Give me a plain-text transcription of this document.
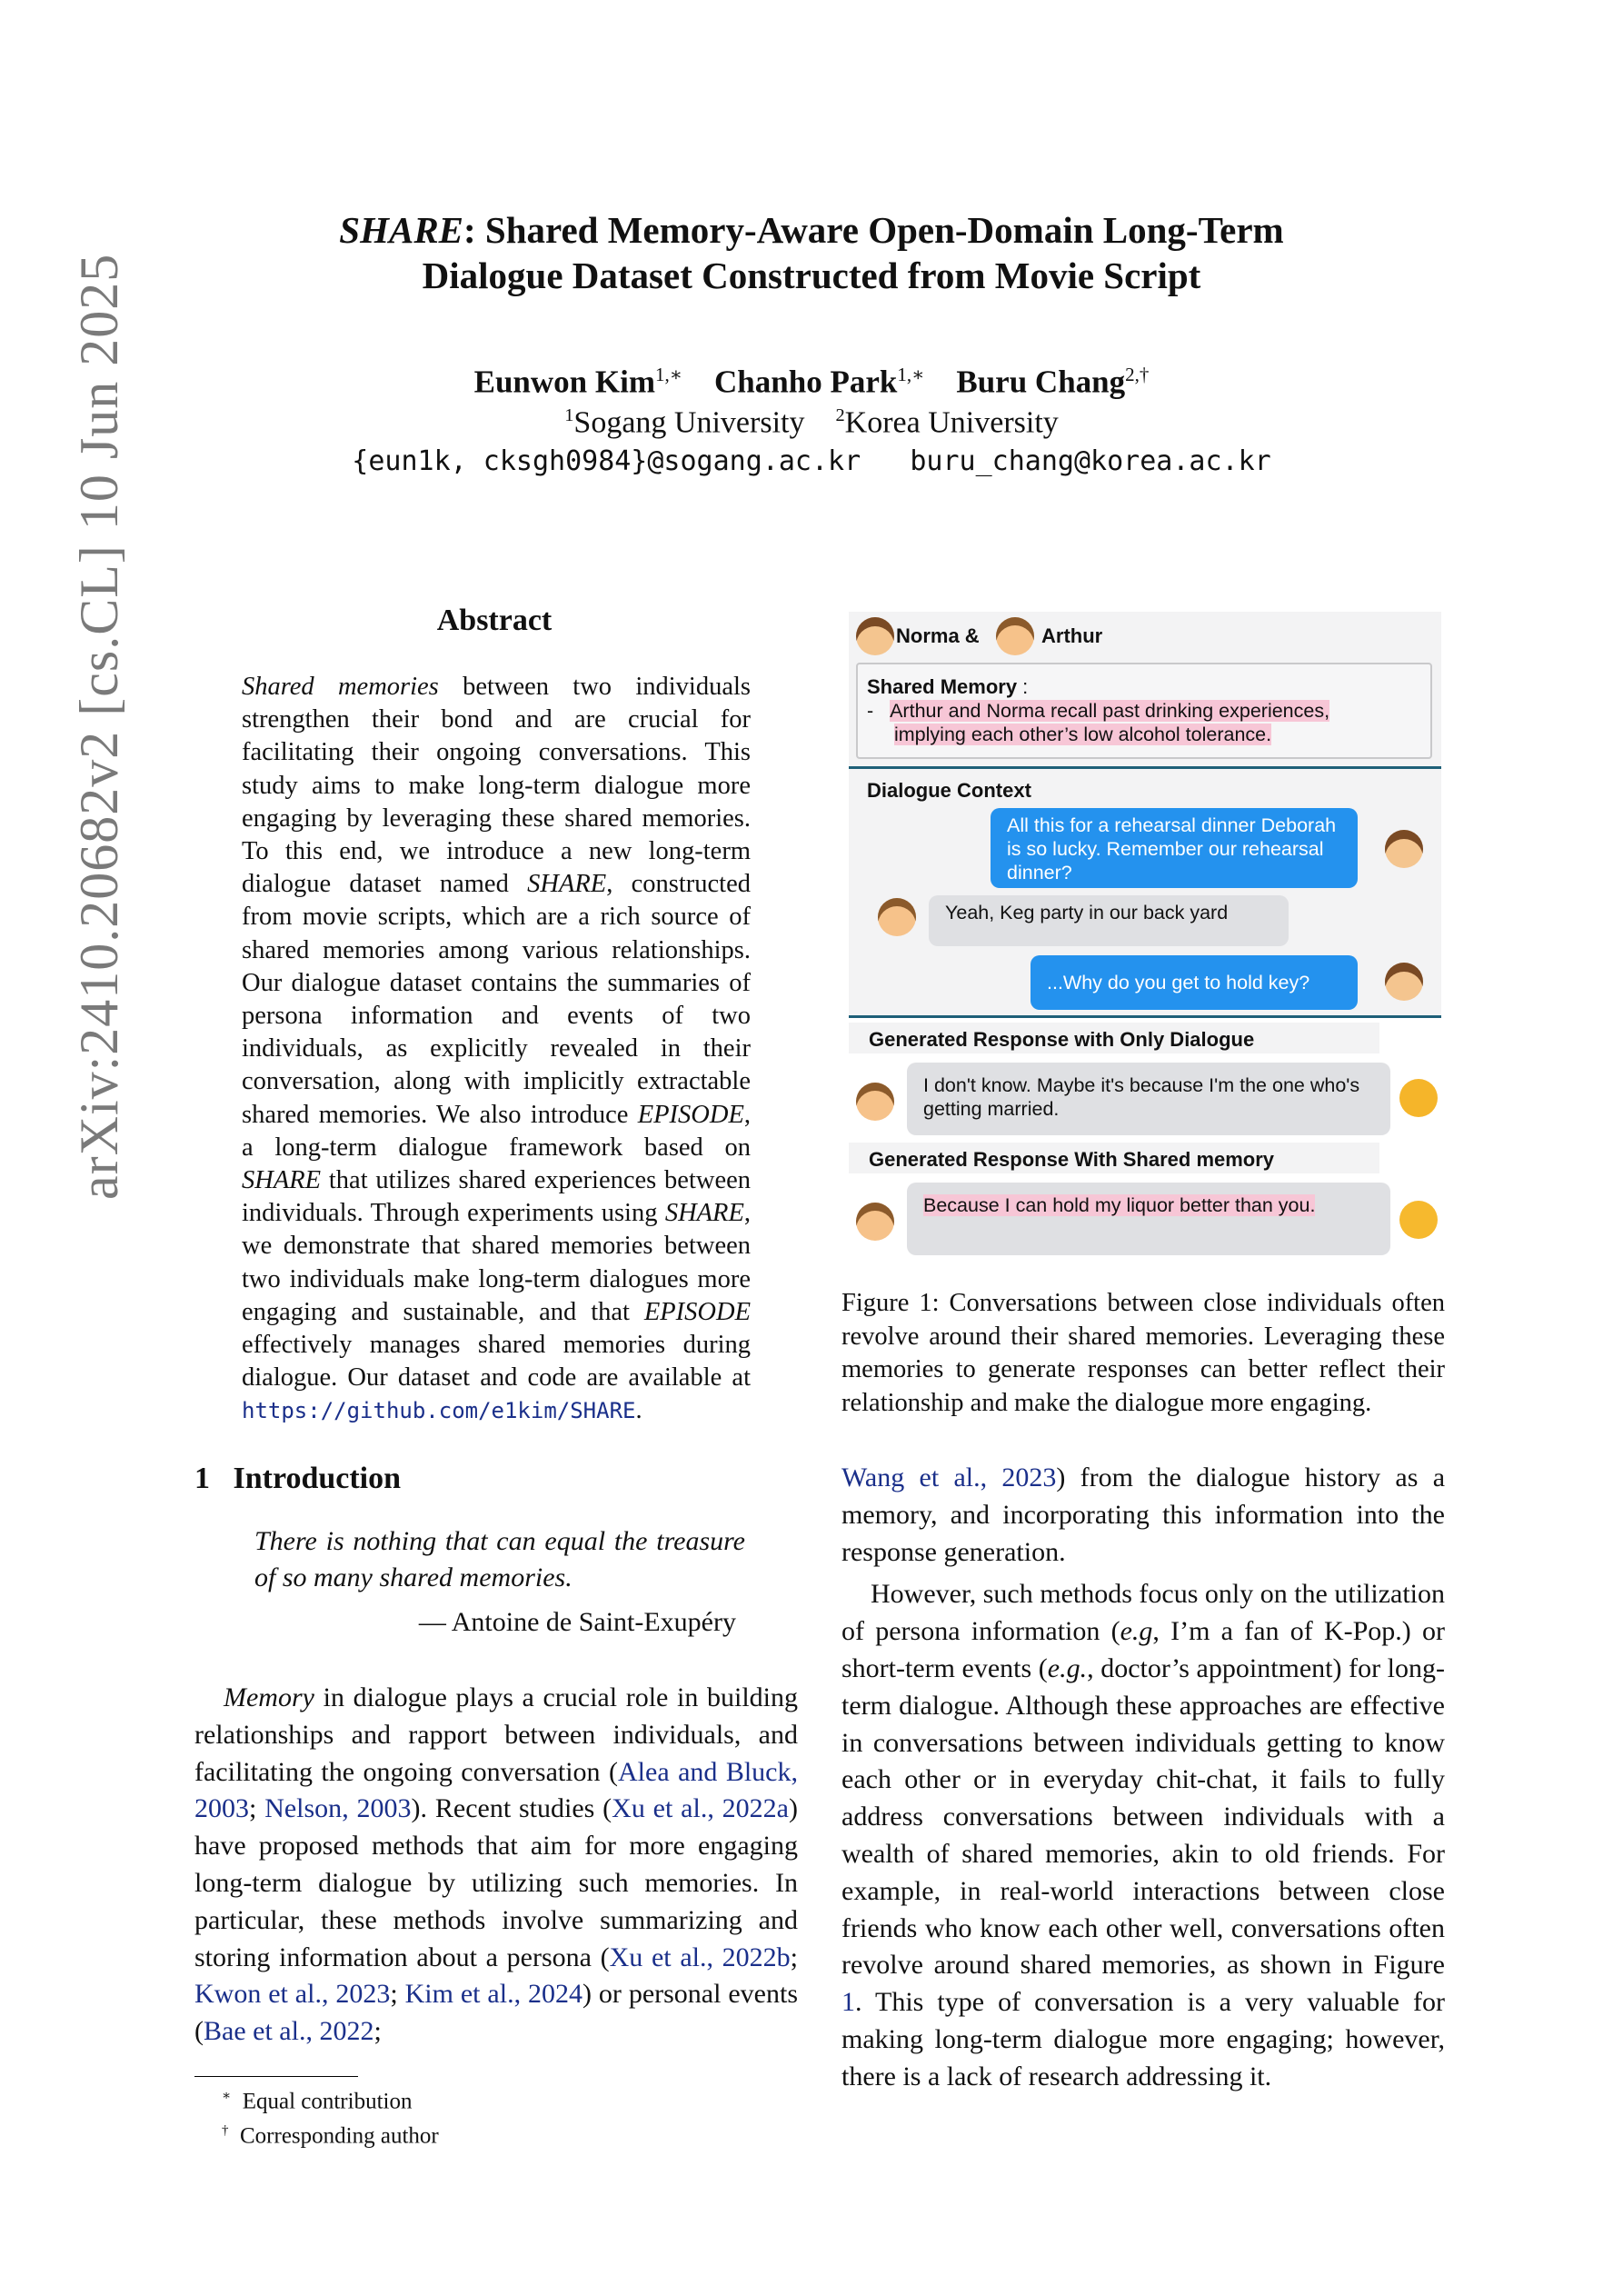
arXiv:2410.20682v2 [cs.CL] 10 Jun 2025
SHARE: Shared Memory-Aware Open-Domain Long-Term
Dialogue Dataset Constructed from Movie Script
Eunwon Kim$^{1,∗}$ Chanho Park$^{1,∗}$ Buru Chang$^{2,\dagger}$
$^1$Sogang University $^2$Korea University
{eun1k, cksgh0984}@sogang.ac.kr   buru_chang@korea.ac.kr
Abstract
Shared memories between two individuals strengthen their bond and are crucial for facilitating their ongoing conversations. This study aims to make long-term dialogue more engaging by leveraging these shared memories. To this end, we introduce a new long-term dialogue dataset named SHARE, constructed from movie scripts, which are a rich source of shared memories among various relationships. Our dialogue dataset contains the summaries of persona information and events of two individuals, as explicitly revealed in their conversation, along with implicitly extractable shared memories. We also introduce EPISODE, a long-term dialogue framework based on SHARE that utilizes shared experiences between individuals. Through experiments using SHARE, we demonstrate that shared memories between two individuals make long-term dialogues more engaging and sustainable, and that EPISODE effectively manages shared memories during dialogue. Our dataset and code are available at https://github.com/e1kim/SHARE.
1 Introduction
There is nothing that can equal the treasure of so many shared memories.
— Antoine de Saint-Exupéry

Memory in dialogue plays a crucial role in building relationships and rapport between individuals, and facilitating the ongoing conversation (Alea and Bluck, 2003; Nelson, 2003). Recent studies (Xu et al., 2022a) have proposed methods that aim for more engaging long-term dialogue by utilizing such memories. In particular, these methods involve summarizing and storing information about a persona (Xu et al., 2022b; Kwon et al., 2023; Kim et al., 2024) or personal events (Bae et al., 2022;

∗ Equal contribution
† Corresponding author
Norma &	Arthur
Shared Memory :
- Arthur and Norma recall past drinking experiences,
implying each other’s low alcohol tolerance.
Dialogue Context
All this for a rehearsal dinner Deborah is so lucky. Remember our rehearsal dinner?
Yeah, Keg party in our back yard
...Why do you get to hold key?
Generated Response with Only Dialogue
I don't know. Maybe it's because I'm the one who's getting married.
Generated Response With Shared memory
Because I can hold my liquor better than you.
Figure 1: Conversations between close individuals often revolve around their shared memories. Leveraging these memories to generate responses can better reflect their relationship and make the dialogue more engaging.

Wang et al., 2023) from the dialogue history as a memory, and incorporating this information into the response generation.

However, such methods focus only on the utilization of persona information (e.g, I’m a fan of K-Pop.) or short-term events (e.g., doctor’s appointment) for long-term dialogue. Although these approaches are effective in conversations between individuals getting to know each other or in everyday chit-chat, it fails to fully address conversations between individuals with a wealth of shared memories, akin to old friends. For example, in real-world interactions between close friends who know each other well, conversations often revolve around shared memories, as shown in Figure 1. This type of conversation is a very valuable for making long-term dialogue more engaging; however, there is a lack of research addressing it.
